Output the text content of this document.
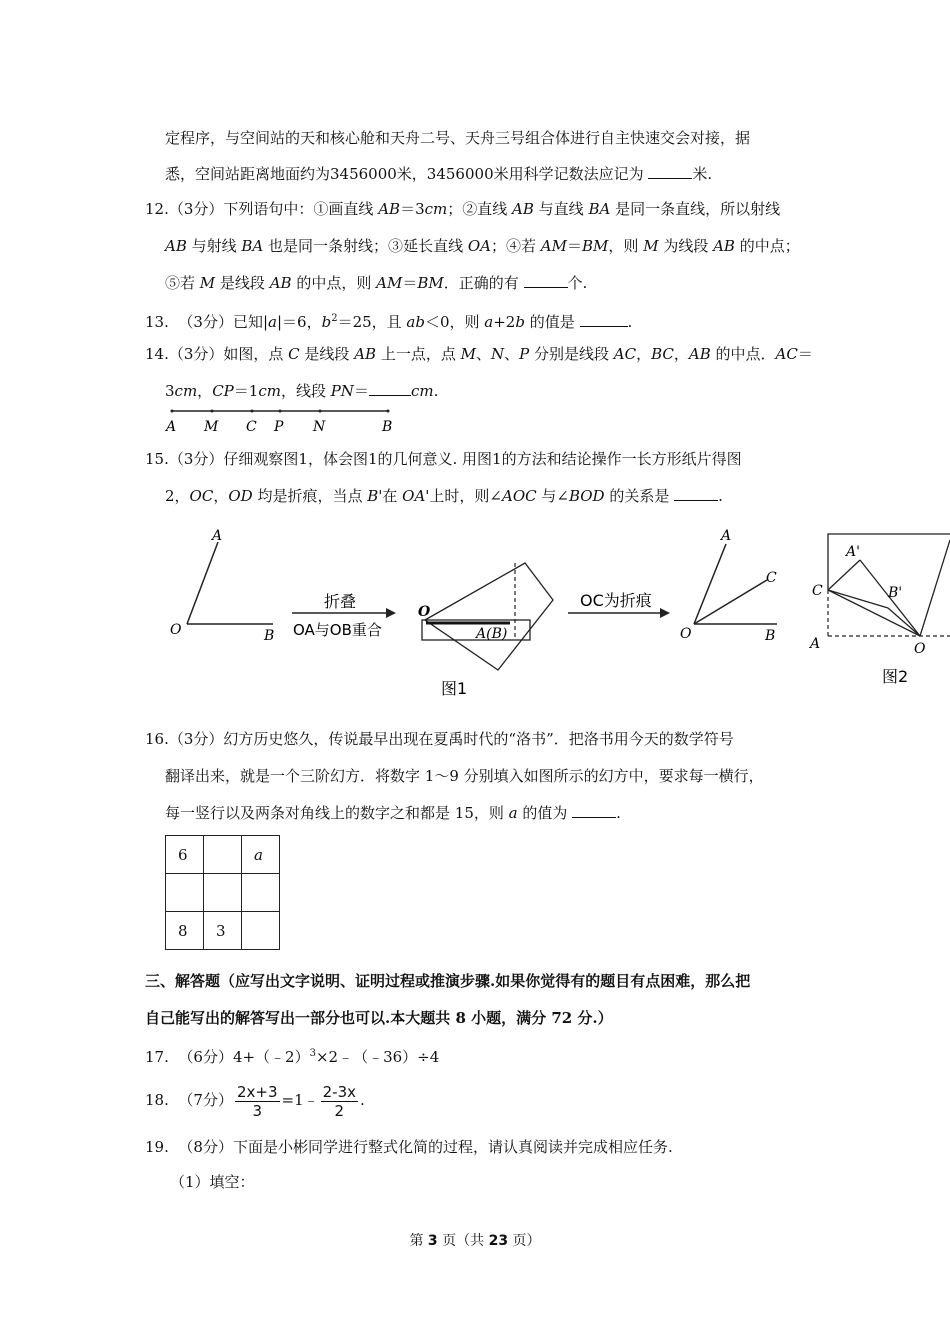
定程序，与空间站的天和核心舱和天舟二号、天舟三号组合体进行自主快速交会对接，据
悉，空间站距离地面约为3456000米，3456000米用科学记数法应记为	米.
12.（3分）下列语句中：①画直线 AB＝3cm；②直线 AB 与直线 BA 是同一条直线，所以射线
AB 与射线 BA 也是同一条射线；③延长直线 OA；④若 AM＝BM，则 M 为线段 AB 的中点；
⑤若 M 是线段 AB 的中点，则 AM＝BM．正确的有	个.
13. （3分）已知|a|＝6，$b^2=25$，且 ab＜0，则 a+2b 的值是	.
14.（3分）如图，点 C 是线段 AB 上一点，点 M、N、P 分别是线段 AC，BC，AB 的中点．AC＝
3cm，CP＝1cm，线段 PN＝	cm.
A M C P N	B
15.（3分）仔细观察图1，体会图1的几何意义. 用图1的方法和结论操作一长方形纸片得图
2，OC，OD 均是折痕，当点 B'在 OA'上时，则∠AOC 与∠BOD 的关系是	.
A
O	B
折叠
OA与OB重合
O
A(B)
OC为折痕
A
C
O	B
图1
A'
B'
C
A	O
图2
16.（3分）幻方历史悠久，传说最早出现在夏禹时代的“洛书”．把洛书用今天的数学符号
翻译出来，就是一个三阶幻方．将数字 1～9 分别填入如图所示的幻方中，要求每一横行，
每一竖行以及两条对角线上的数字之和都是 15，则 a 的值为	.
6		a

8	3	
三、解答题（应写出文字说明、证明过程或推演步骤.如果你觉得有的题目有点困难，那么把
自己能写出的解答写出一部分也可以.本大题共 8 小题，满分 72 分.）
17. （6分）4+（﹣2）$^3$×2﹣（﹣36）÷4
18. （7分） $\frac{2x+3}{3}$ =1﹣ $\frac{2-3x}{2}$ .
19. （8分）下面是小彬同学进行整式化简的过程，请认真阅读并完成相应任务.
（1）填空：
第 3 页（共 23 页）
